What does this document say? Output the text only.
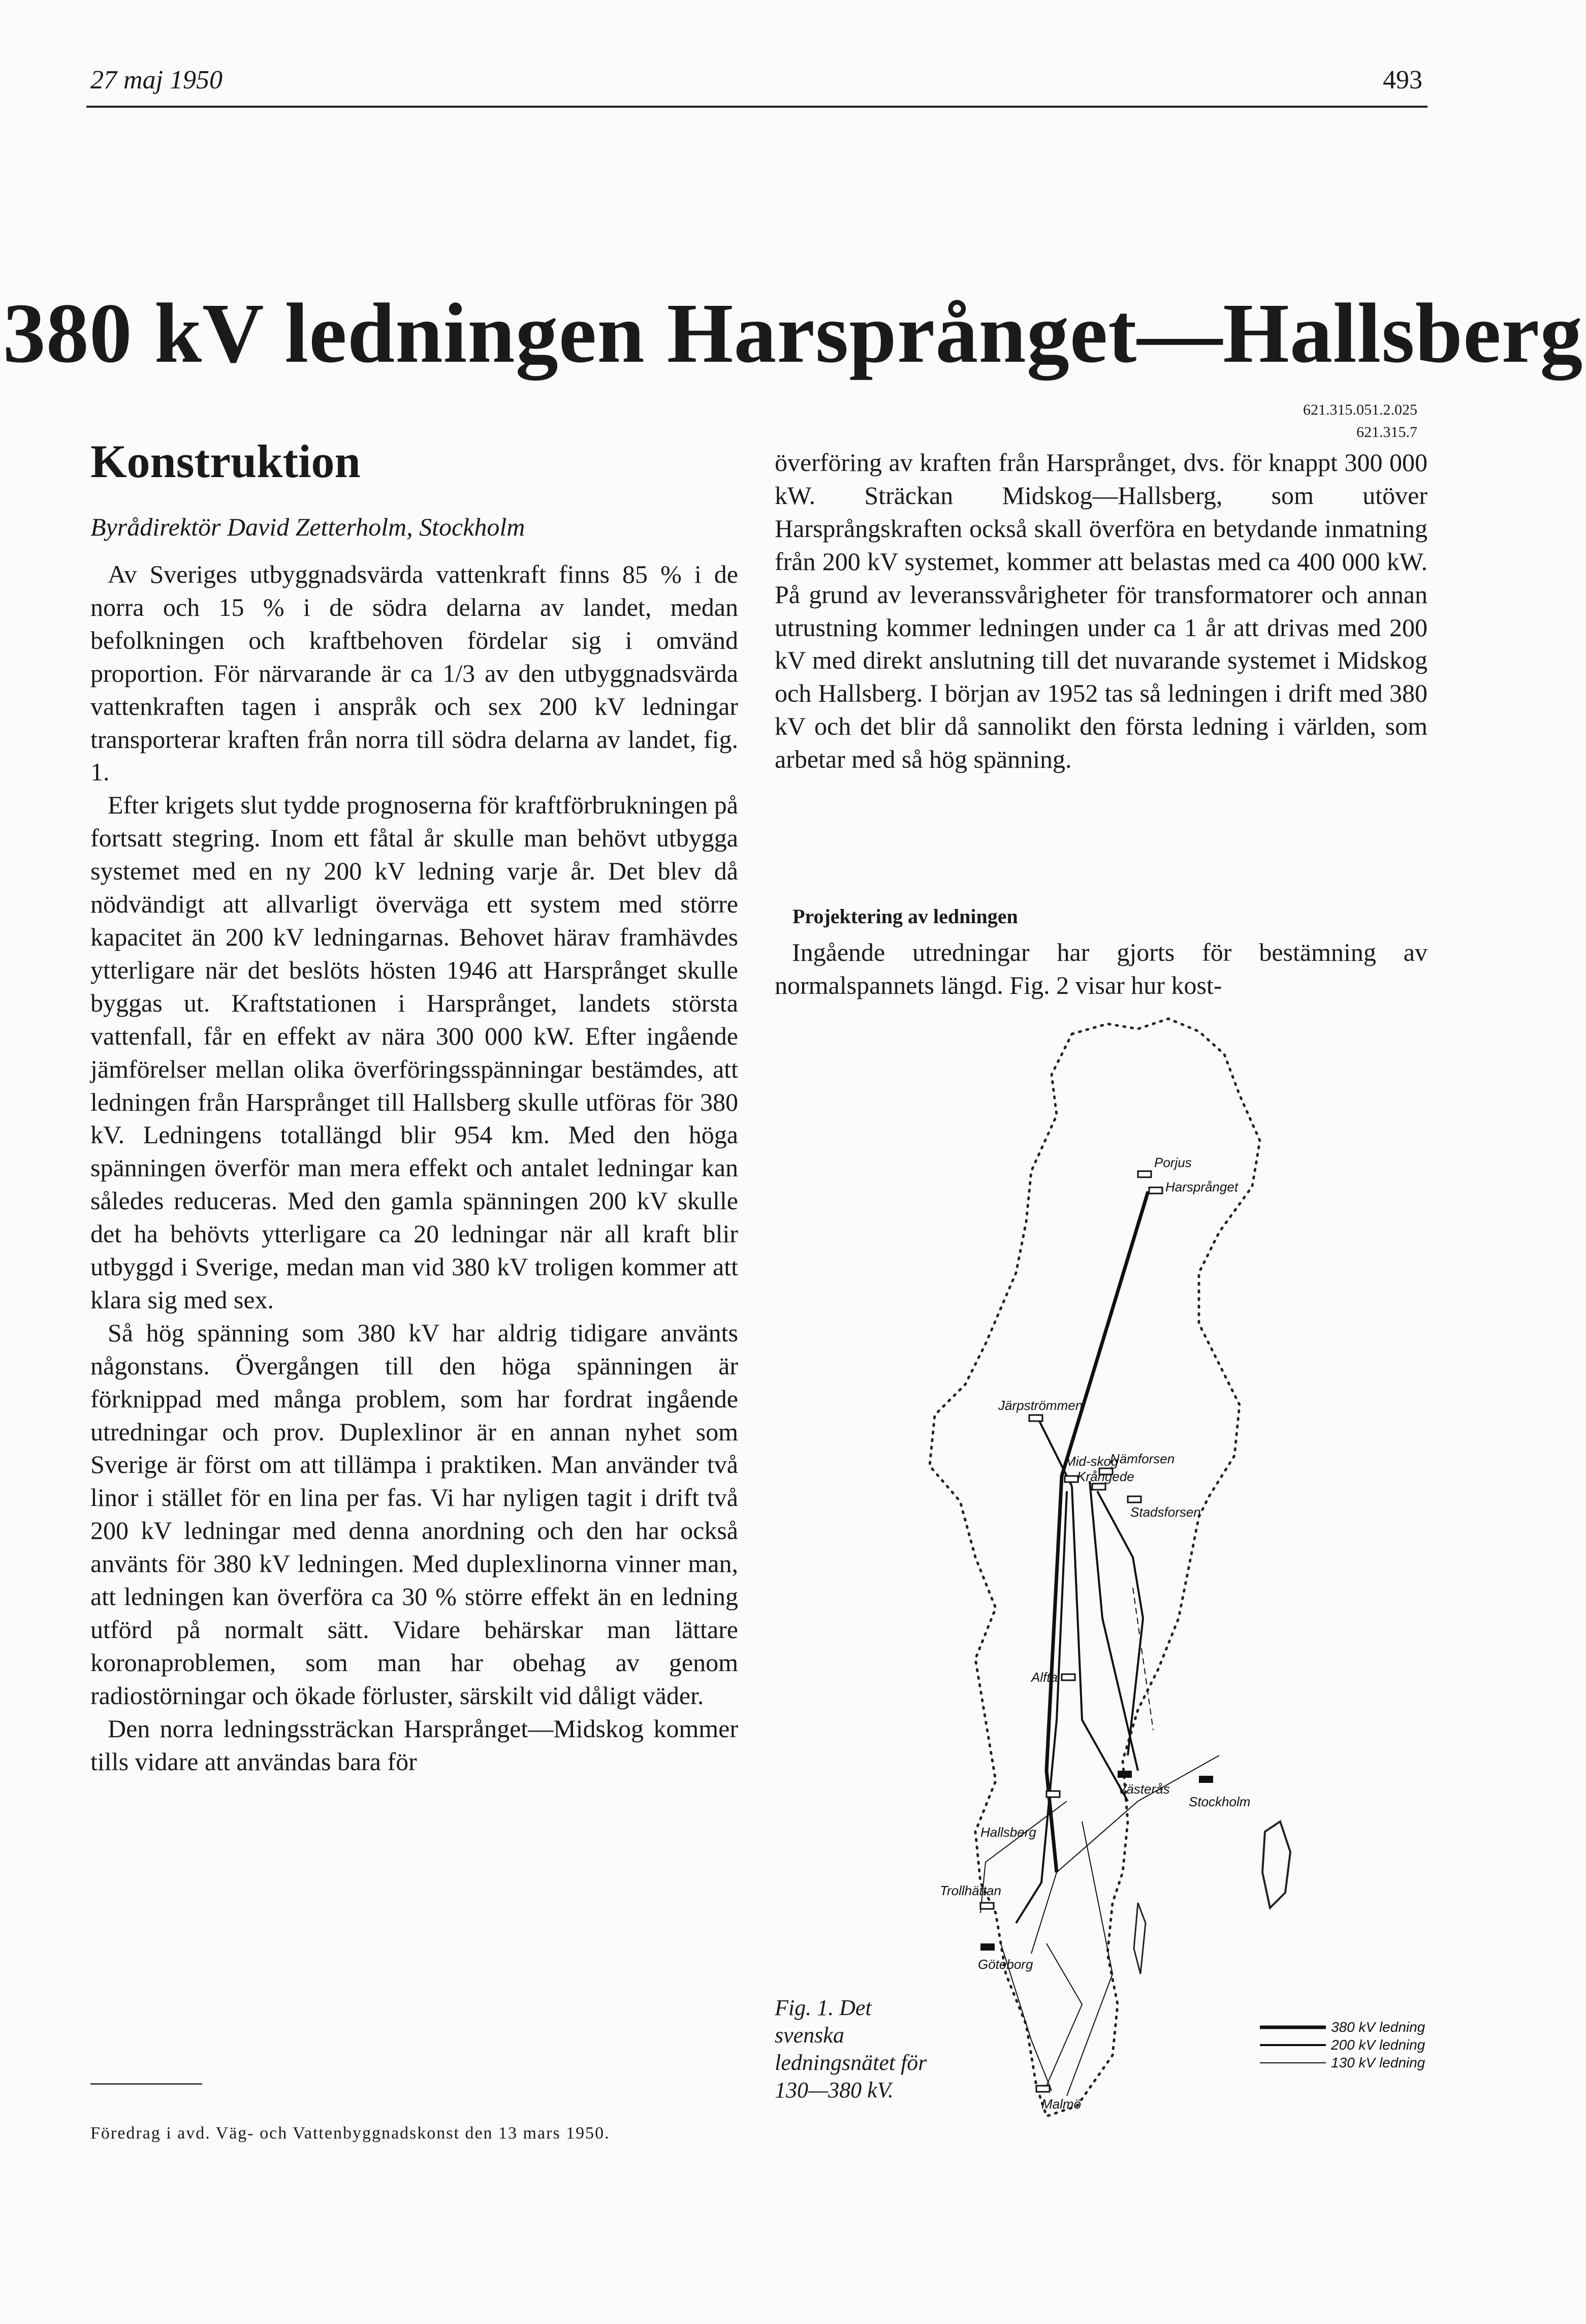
27 maj 1950	493
380 kV ledningen Harsprånget—Hallsberg
621.315.051.2.025
621.315.7
Konstruktion
Byrådirektör David Zetterholm, Stockholm

Av Sveriges utbyggnadsvärda vattenkraft finns 85 % i de norra och 15 % i de södra delarna av landet, medan befolkningen och kraftbehoven fördelar sig i omvänd proportion. För närvarande är ca 1/3 av den utbyggnadsvärda vattenkraften tagen i anspråk och sex 200 kV ledningar transporterar kraften från norra till södra delarna av landet, fig. 1.

Efter krigets slut tydde prognoserna för kraftförbrukningen på fortsatt stegring. Inom ett fåtal år skulle man behövt utbygga systemet med en ny 200 kV ledning varje år. Det blev då nödvändigt att allvarligt överväga ett system med större kapacitet än 200 kV ledningarnas. Behovet härav framhävdes ytterligare när det beslöts hösten 1946 att Harsprånget skulle byggas ut. Kraftstationen i Harsprånget, landets största vattenfall, får en effekt av nära 300 000 kW. Efter ingående jämförelser mellan olika överföringsspänningar bestämdes, att ledningen från Harsprånget till Hallsberg skulle utföras för 380 kV. Ledningens totallängd blir 954 km. Med den höga spänningen överför man mera effekt och antalet ledningar kan således reduceras. Med den gamla spänningen 200 kV skulle det ha behövts ytterligare ca 20 ledningar när all kraft blir utbyggd i Sverige, medan man vid 380 kV troligen kommer att klara sig med sex.

Så hög spänning som 380 kV har aldrig tidigare använts någonstans. Övergången till den höga spänningen är förknippad med många problem, som har fordrat ingående utredningar och prov. Duplexlinor är en annan nyhet som Sverige är först om att tillämpa i praktiken. Man använder två linor i stället för en lina per fas. Vi har nyligen tagit i drift två 200 kV ledningar med denna anordning och den har också använts för 380 kV ledningen. Med duplexlinorna vinner man, att ledningen kan överföra ca 30 % större effekt än en ledning utförd på normalt sätt. Vidare behärskar man lättare koronaproblemen, som man har obehag av genom radiostörningar och ökade förluster, särskilt vid dåligt väder.

Den norra ledningssträckan Harsprånget—Midskog kommer tills vidare att användas bara för

överföring av kraften från Harsprånget, dvs. för knappt 300 000 kW. Sträckan Midskog—Hallsberg, som utöver Harsprångskraften också skall överföra en betydande inmatning från 200 kV systemet, kommer att belastas med ca 400 000 kW. På grund av leveranssvårigheter för transformatorer och annan utrustning kommer ledningen under ca 1 år att drivas med 200 kV med direkt anslutning till det nuvarande systemet i Midskog och Hallsberg. I början av 1952 tas så ledningen i drift med 380 kV och det blir då sannolikt den första ledning i världen, som arbetar med så hög spänning.

Projektering av ledningen

Ingående utredningar har gjorts för bestämning av normalspannets längd. Fig. 2 visar hur kost-

Föredrag i avd. Väg- och Vattenbyggnadskonst den 13 mars 1950.
Fig. 1. Det svenska ledningsnätet för 130—380 kV.
Porjus
Harsprånget
Järpströmmen
Mid-skog
Nämforsen
Krångede
Stadsforsen
Alfta
Västerås
Stockholm
Hallsberg
Trollhättan
Göteborg
Malmö
380 kV ledning
200 kV ledning
130 kV ledning
